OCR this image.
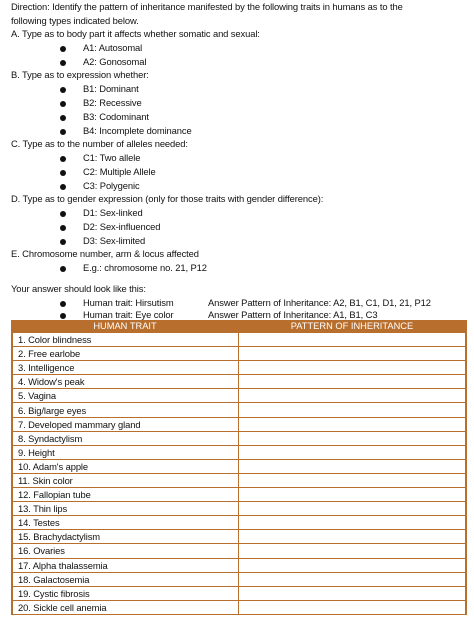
Direction: Identify the pattern of inheritance manifested by the following traits in humans as to the
following types indicated below.
A. Type as to body part it affects whether somatic and sexual:
A1: Autosomal
A2: Gonosomal
B. Type as to expression whether:
B1: Dominant
B2: Recessive
B3: Codominant
B4: Incomplete dominance
C. Type as to the number of alleles needed:
C1: Two allele
C2: Multiple Allele
C3: Polygenic
D. Type as to gender expression (only for those traits with gender difference):
D1: Sex-linked
D2: Sex-influenced
D3: Sex-limited
E. Chromosome number, arm & locus affected
E.g.: chromosome no. 21, P12
Your answer should look like this:
Human trait: Hirsutism	Answer Pattern of Inheritance: A2, B1, C1, D1, 21, P12
Human trait: Eye color	Answer Pattern of Inheritance: A1, B1, C3
HUMAN TRAIT	PATTERN OF INHERITANCE
1. Color blindness	
2. Free earlobe	
3. Intelligence	
4. Widow's peak	
5. Vagina	
6. Big/large eyes	
7. Developed mammary gland	
8. Syndactylism	
9. Height	
10. Adam's apple	
11. Skin color	
12. Fallopian tube	
13. Thin lips	
14. Testes	
15. Brachydactylism	
16. Ovaries	
17. Alpha thalassemia	
18. Galactosemia	
19. Cystic fibrosis	
20. Sickle cell anemia	
